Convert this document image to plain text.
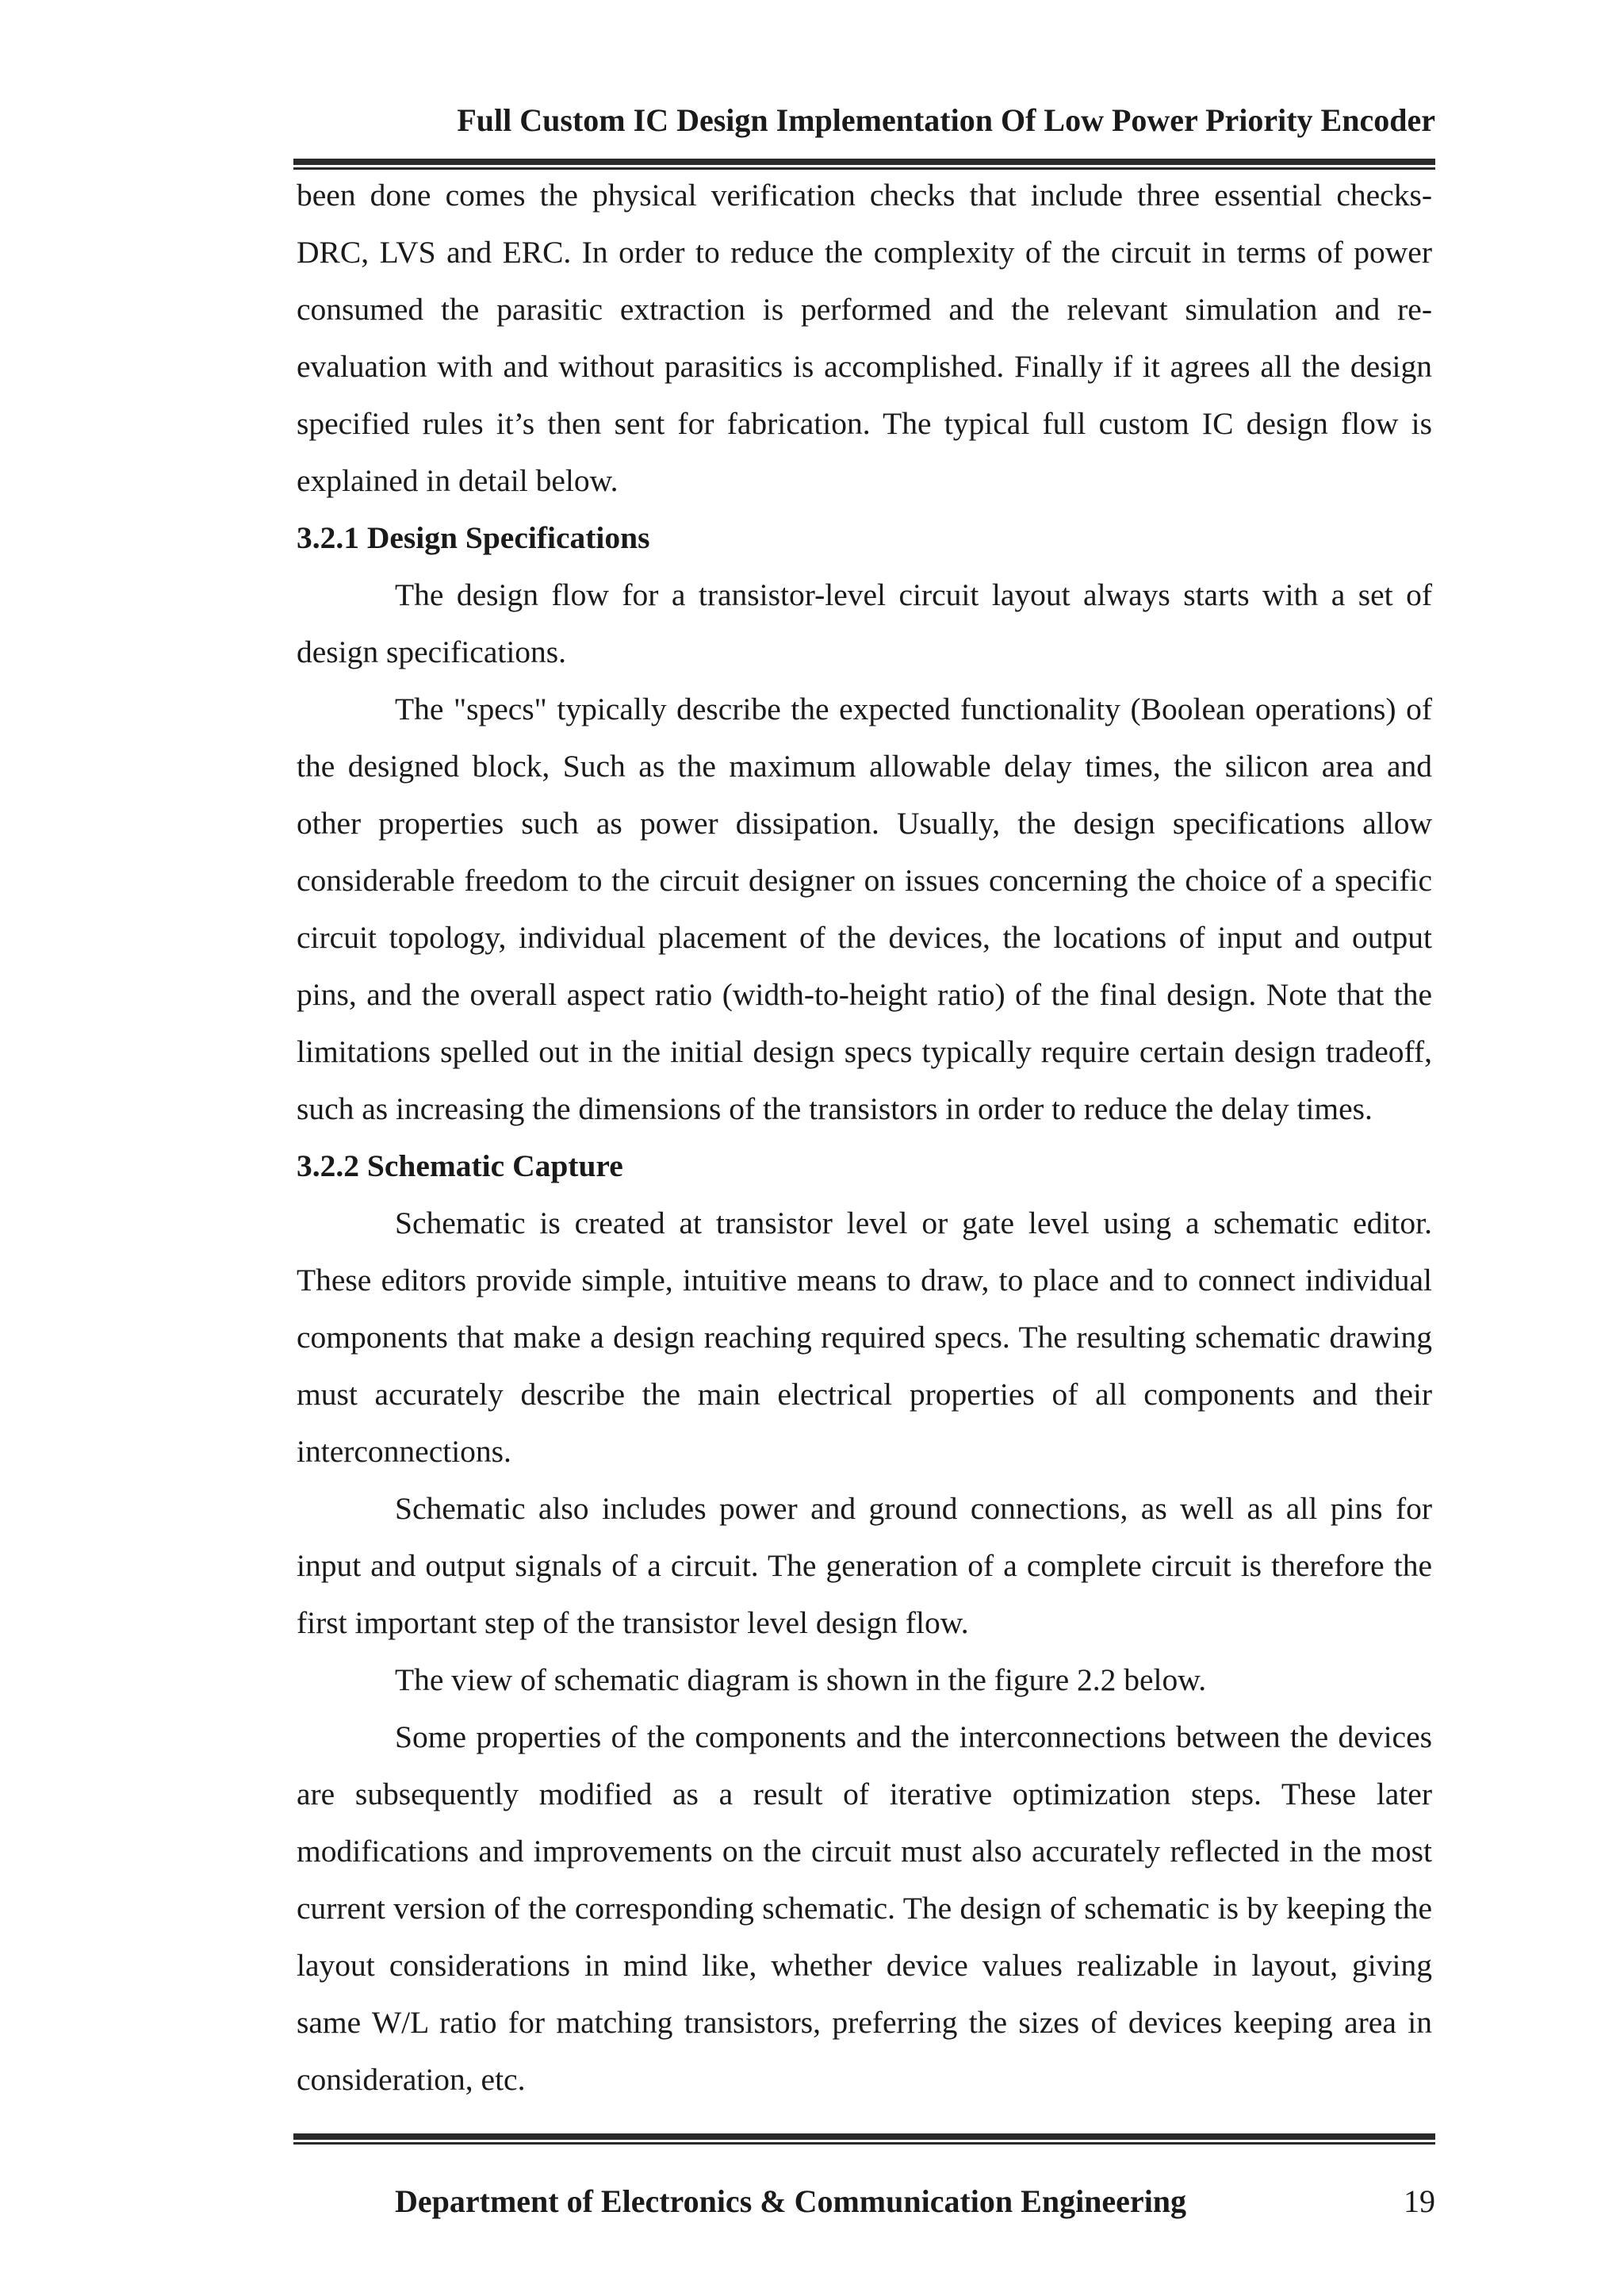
Full Custom IC Design Implementation Of Low Power Priority Encoder

been done comes the physical verification checks that include three essential checks- DRC, LVS and ERC. In order to reduce the complexity of the circuit in terms of power consumed the parasitic extraction is performed and the relevant simulation and re-evaluation with and without parasitics is accomplished. Finally if it agrees all the design specified rules it’s then sent for fabrication. The typical full custom IC design flow is explained in detail below.

3.2.1 Design Specifications

The design flow for a transistor-level circuit layout always starts with a set of design specifications.

The "specs" typically describe the expected functionality (Boolean operations) of the designed block, Such as the maximum allowable delay times, the silicon area and other properties such as power dissipation. Usually, the design specifications allow considerable freedom to the circuit designer on issues concerning the choice of a specific circuit topology, individual placement of the devices, the locations of input and output pins, and the overall aspect ratio (width-to-height ratio) of the final design. Note that the limitations spelled out in the initial design specs typically require certain design tradeoff, such as increasing the dimensions of the transistors in order to reduce the delay times.

3.2.2 Schematic Capture

Schematic is created at transistor level or gate level using a schematic editor. These editors provide simple, intuitive means to draw, to place and to connect individual components that make a design reaching required specs. The resulting schematic drawing must accurately describe the main electrical properties of all components and their interconnections.

Schematic also includes power and ground connections, as well as all pins for input and output signals of a circuit. The generation of a complete circuit is therefore the first important step of the transistor level design flow.

The view of schematic diagram is shown in the figure 2.2 below.

Some properties of the components and the interconnections between the devices are subsequently modified as a result of iterative optimization steps. These later modifications and improvements on the circuit must also accurately reflected in the most current version of the corresponding schematic. The design of schematic is by keeping the layout considerations in mind like, whether device values realizable in layout, giving same W/L ratio for matching transistors, preferring the sizes of devices keeping area in consideration, etc.

Department of Electronics & Communication Engineering	19
